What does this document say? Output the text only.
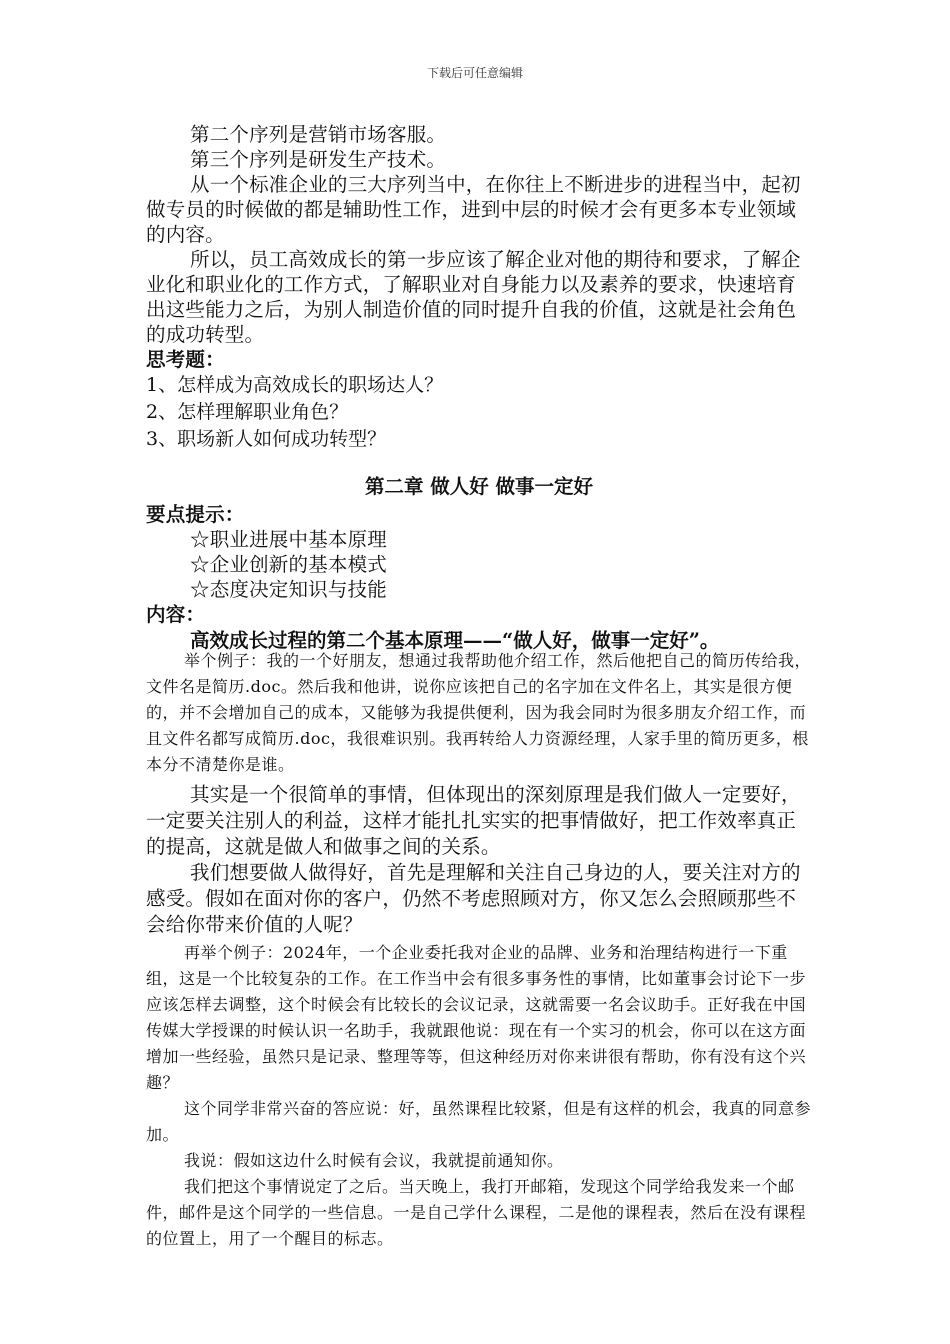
下载后可任意编辑

第二个序列是营销市场客服。

第三个序列是研发生产技术。

从一个标准企业的三大序列当中，在你往上不断进步的进程当中，起初做专员的时候做的都是辅助性工作，进到中层的时候才会有更多本专业领域的内容。

所以，员工高效成长的第一步应该了解企业对他的期待和要求，了解企业化和职业化的工作方式，了解职业对自身能力以及素养的要求，快速培育出这些能力之后，为别人制造价值的同时提升自我的价值，这就是社会角色的成功转型。

思考题：

1、怎样成为高效成长的职场达人？

2、怎样理解职业角色？

3、职场新人如何成功转型？

第二章 做人好 做事一定好

要点提示：

☆职业进展中基本原理

☆企业创新的基本模式

☆态度决定知识与技能

内容：

高效成长过程的第二个基本原理——“做人好，做事一定好”。

举个例子：我的一个好朋友，想通过我帮助他介绍工作，然后他把自己的简历传给我，文件名是简历.doc。然后我和他讲，说你应该把自己的名字加在文件名上，其实是很方便的，并不会增加自己的成本，又能够为我提供便利，因为我会同时为很多朋友介绍工作，而且文件名都写成简历.doc，我很难识别。我再转给人力资源经理，人家手里的简历更多，根本分不清楚你是谁。

其实是一个很简单的事情，但体现出的深刻原理是我们做人一定要好，一定要关注别人的利益，这样才能扎扎实实的把事情做好，把工作效率真正的提高，这就是做人和做事之间的关系。

我们想要做人做得好，首先是理解和关注自己身边的人，要关注对方的感受。假如在面对你的客户，仍然不考虑照顾对方，你又怎么会照顾那些不会给你带来价值的人呢？

再举个例子：2024年，一个企业委托我对企业的品牌、业务和治理结构进行一下重组，这是一个比较复杂的工作。在工作当中会有很多事务性的事情，比如董事会讨论下一步应该怎样去调整，这个时候会有比较长的会议记录，这就需要一名会议助手。正好我在中国传媒大学授课的时候认识一名助手，我就跟他说：现在有一个实习的机会，你可以在这方面增加一些经验，虽然只是记录、整理等等，但这种经历对你来讲很有帮助，你有没有这个兴趣？

这个同学非常兴奋的答应说：好，虽然课程比较紧，但是有这样的机会，我真的同意参加。

我说：假如这边什么时候有会议，我就提前通知你。

我们把这个事情说定了之后。当天晚上，我打开邮箱，发现这个同学给我发来一个邮件，邮件是这个同学的一些信息。一是自己学什么课程，二是他的课程表，然后在没有课程的位置上，用了一个醒目的标志。
